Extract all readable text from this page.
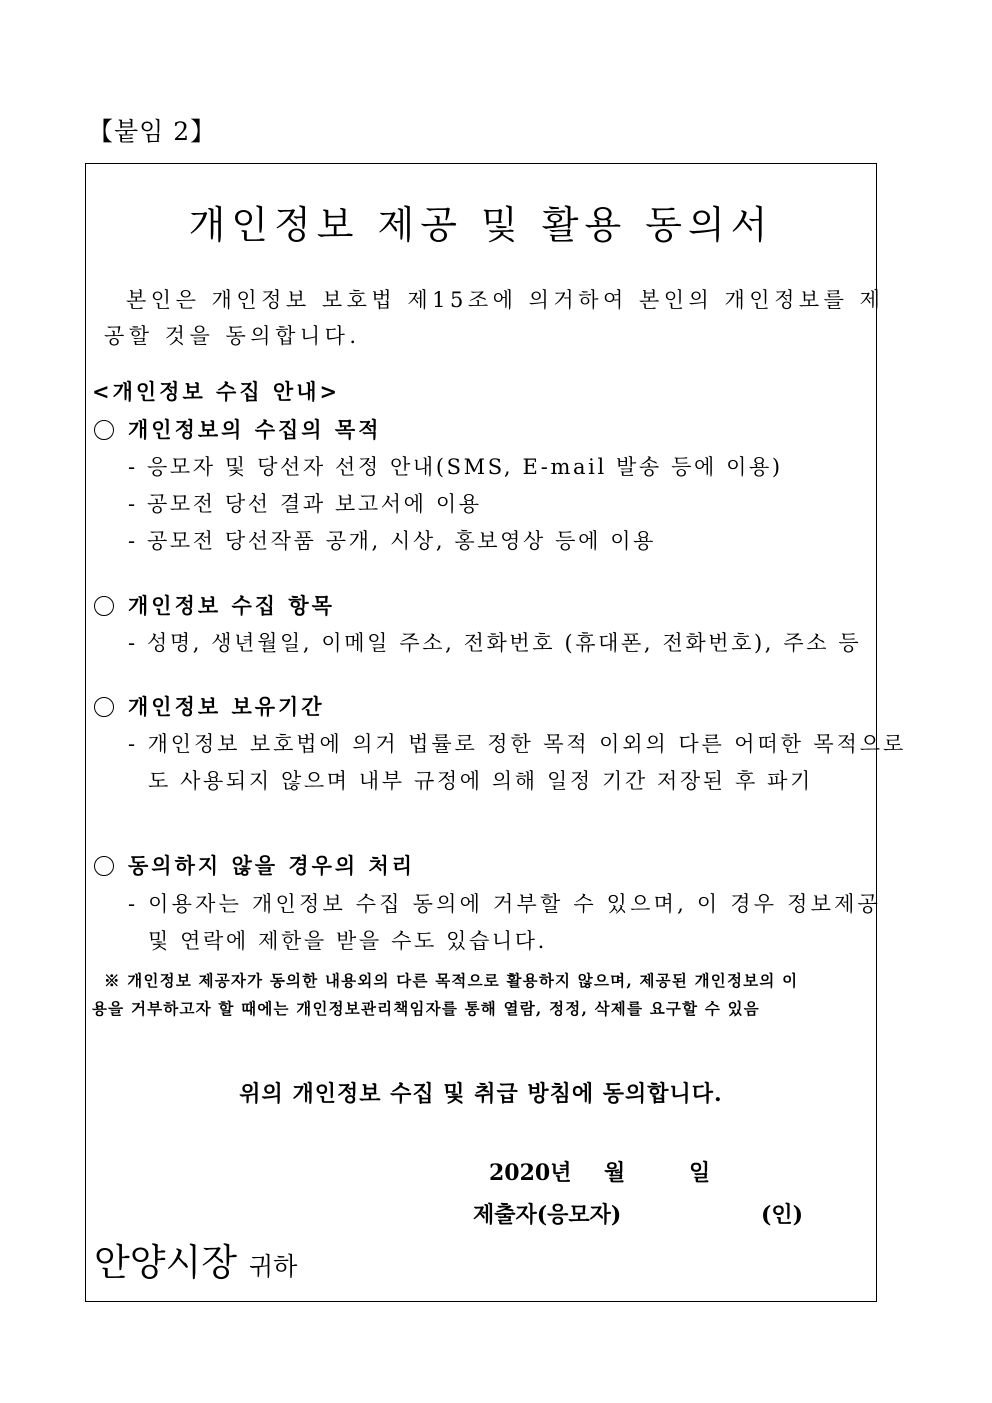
【붙임 2】
개인정보 제공 및 활용 동의서
본인은 개인정보 보호법 제15조에 의거하여 본인의 개인정보를 제
공할 것을 동의합니다.
<개인정보 수집 안내>
개인정보의 수집의 목적
- 응모자 및 당선자 선정 안내(SMS, E-mail 발송 등에 이용)
- 공모전 당선 결과 보고서에 이용
- 공모전 당선작품 공개, 시상, 홍보영상 등에 이용
개인정보 수집 항목
- 성명, 생년월일, 이메일 주소, 전화번호 (휴대폰, 전화번호), 주소 등
개인정보 보유기간
- 개인정보 보호법에 의거 법률로 정한 목적 이외의 다른 어떠한 목적으로
도 사용되지 않으며 내부 규정에 의해 일정 기간 저장된 후 파기
동의하지 않을 경우의 처리
- 이용자는 개인정보 수집 동의에 거부할 수 있으며, 이 경우 정보제공
및 연락에 제한을 받을 수도 있습니다.
※ 개인정보 제공자가 동의한 내용외의 다른 목적으로 활용하지 않으며, 제공된 개인정보의 이
용을 거부하고자 할 때에는 개인정보관리책임자를 통해 열람, 정정, 삭제를 요구할 수 있음
위의 개인정보 수집 및 취급 방침에 동의합니다.
2020년 월	일
제출자(응모자)	(인)
안양시장 귀하
